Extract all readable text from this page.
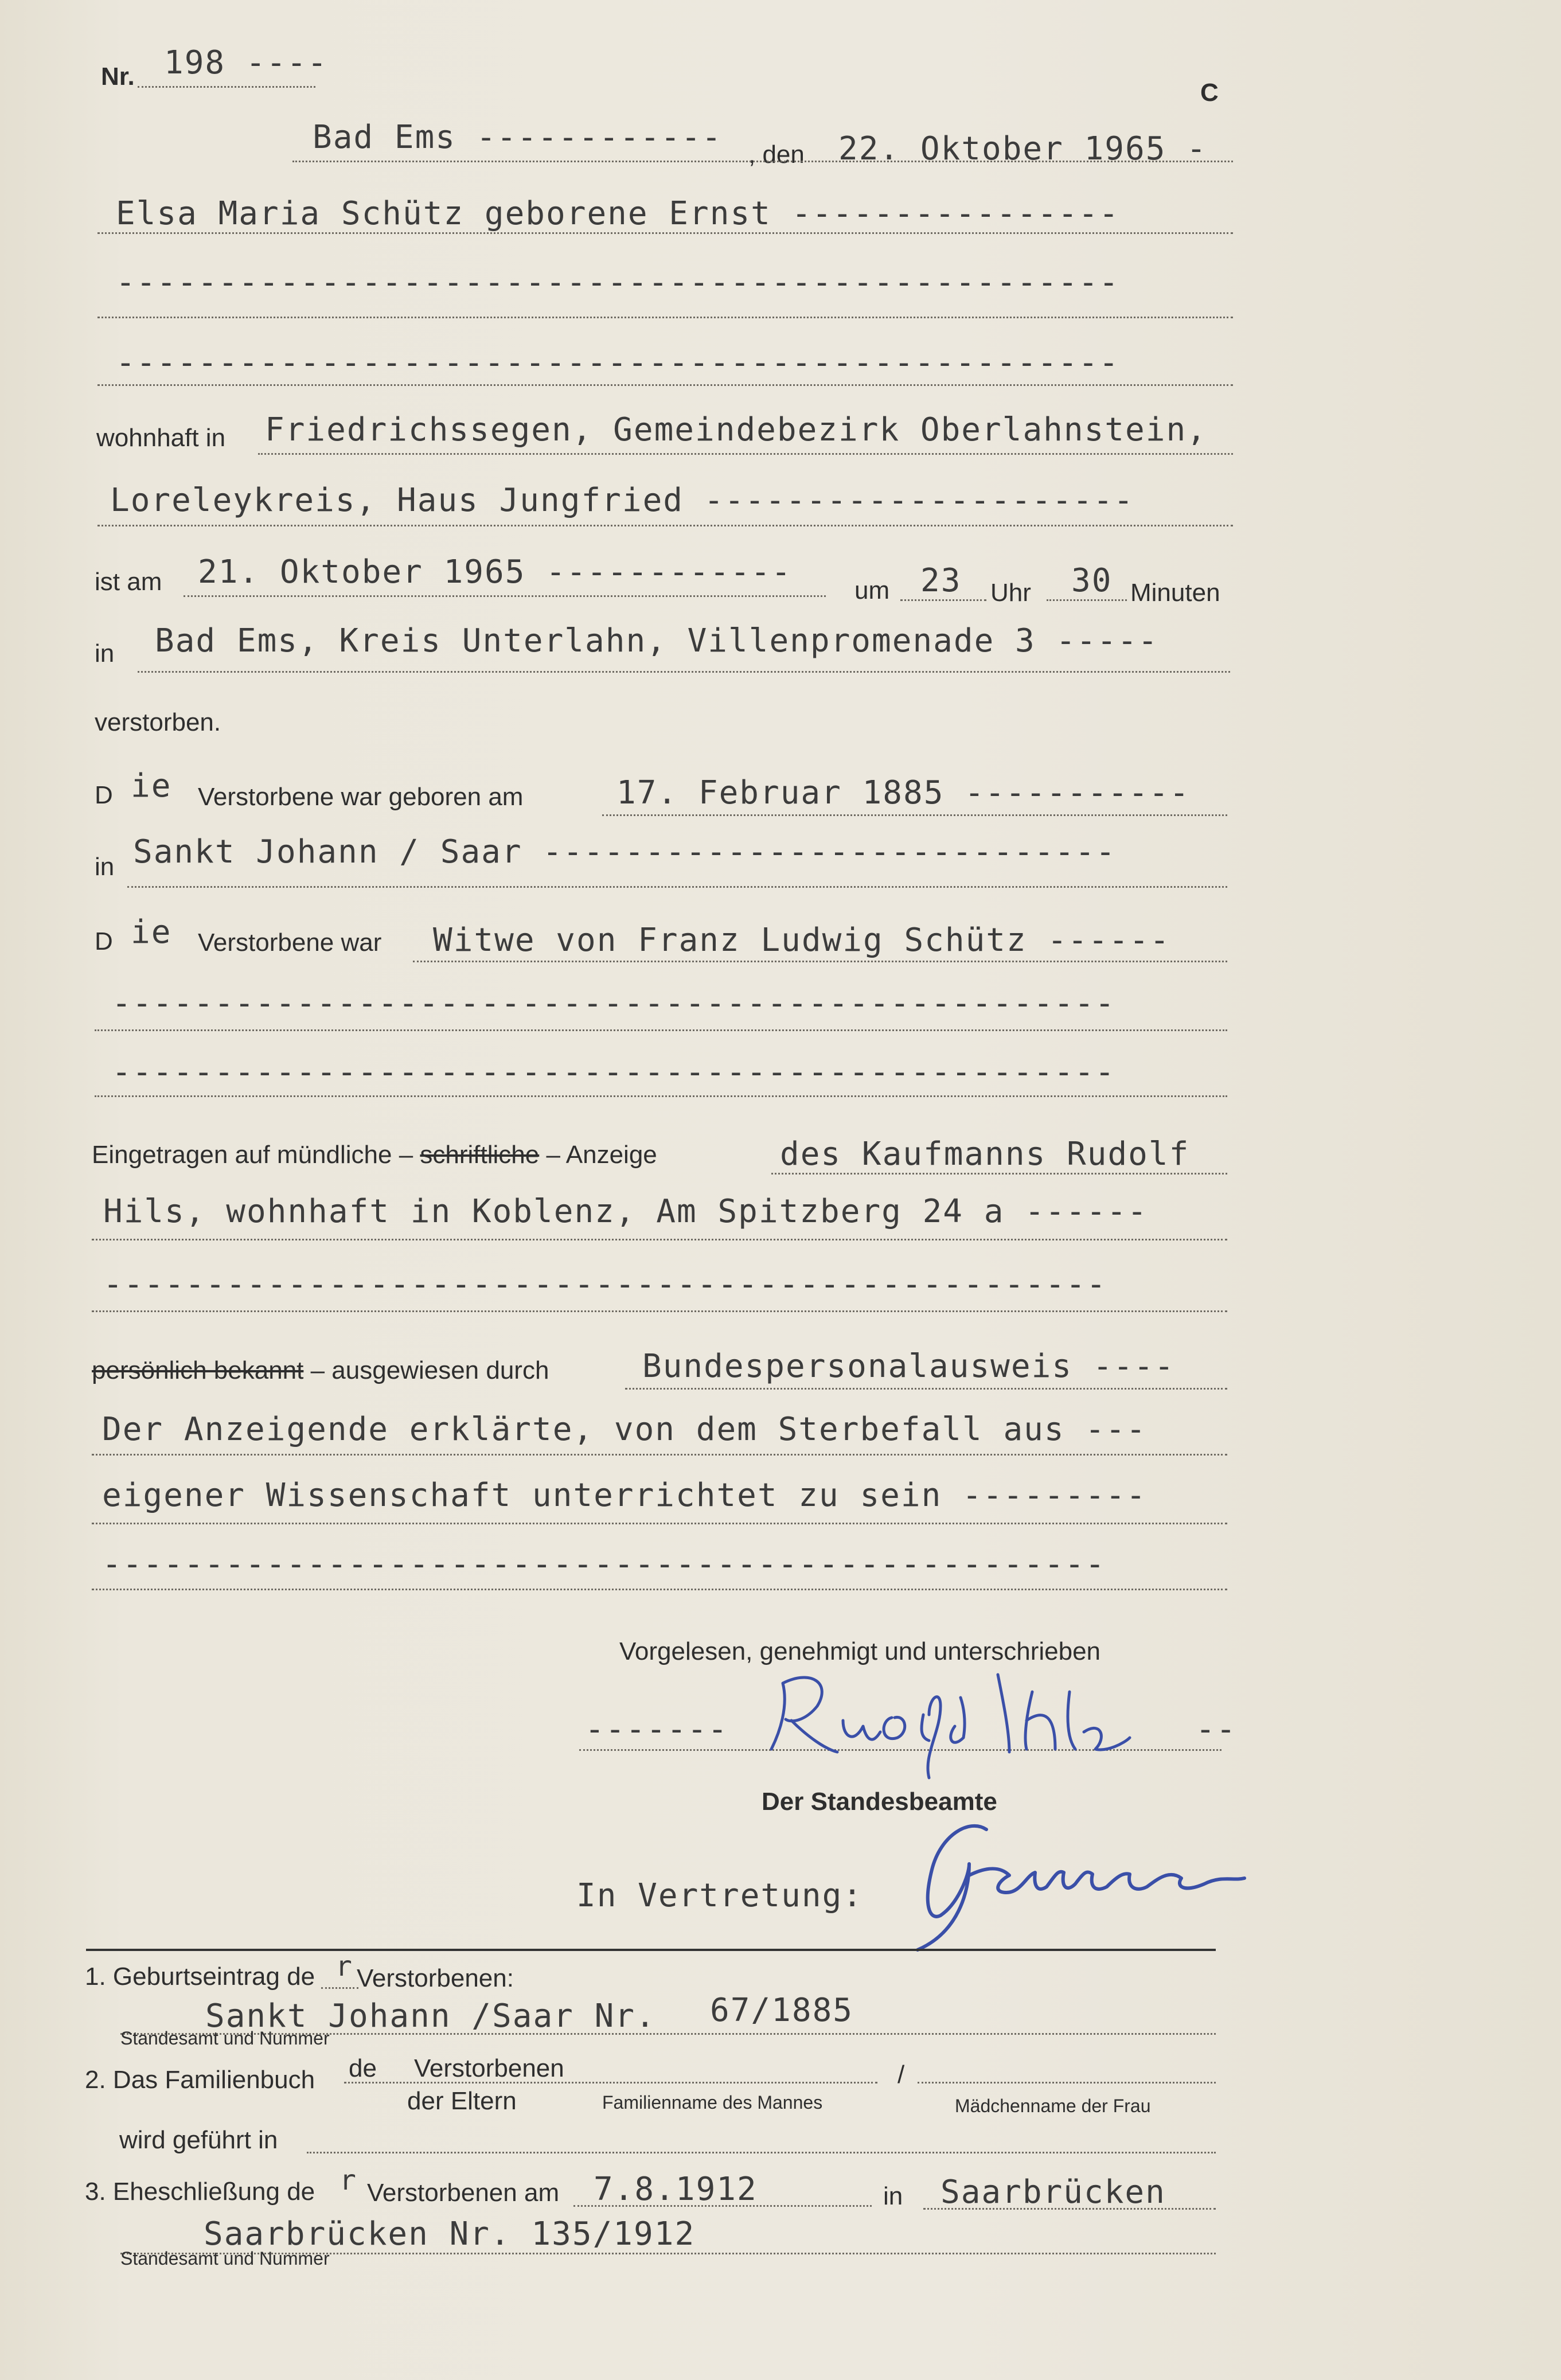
Nr. 198 ----
C
Bad Ems ------------ , den 22. Oktober 1965 -
Elsa Maria Schütz geborene Ernst ----------------
-------------------------------------------------
-------------------------------------------------
wohnhaft in Friedrichssegen, Gemeindebezirk Oberlahnstein,
Loreleykreis, Haus Jungfried ---------------------
ist am 21. Oktober 1965 ------------ um 23 Uhr 30 Minuten
in Bad Ems, Kreis Unterlahn, Villenpromenade 3 -----
verstorben.
D ie Verstorbene war geboren am	17. Februar 1885 -----------
in Sankt Johann / Saar ----------------------------
D ie Verstorbene war Witwe von Franz Ludwig Schütz ------
-------------------------------------------------
-------------------------------------------------
Eingetragen auf mündliche – schriftliche – Anzeige	des Kaufmanns Rudolf
Hils, wohnhaft in Koblenz, Am Spitzberg 24 a ------
-------------------------------------------------
persönlich bekannt – ausgewiesen durch	Bundespersonalausweis ----
Der Anzeigende erklärte, von dem Sterbefall aus ---
eigener Wissenschaft unterrichtet zu sein ---------
-------------------------------------------------
Vorgelesen, genehmigt und unterschrieben
-------	--
Der Standesbeamte
In Vertretung:
1. Geburtseintrag de r Verstorbenen:
Sankt Johann /Saar Nr. 67/1885
Standesamt und Nummer
2. Das Familienbuch de Verstorbenen
der Eltern	Familienname des Mannes
/
Mädchenname der Frau
wird geführt in
3. Eheschließung de r Verstorbenen am 7.8.1912	in Saarbrücken
Saarbrücken Nr. 135/1912
Standesamt und Nummer
